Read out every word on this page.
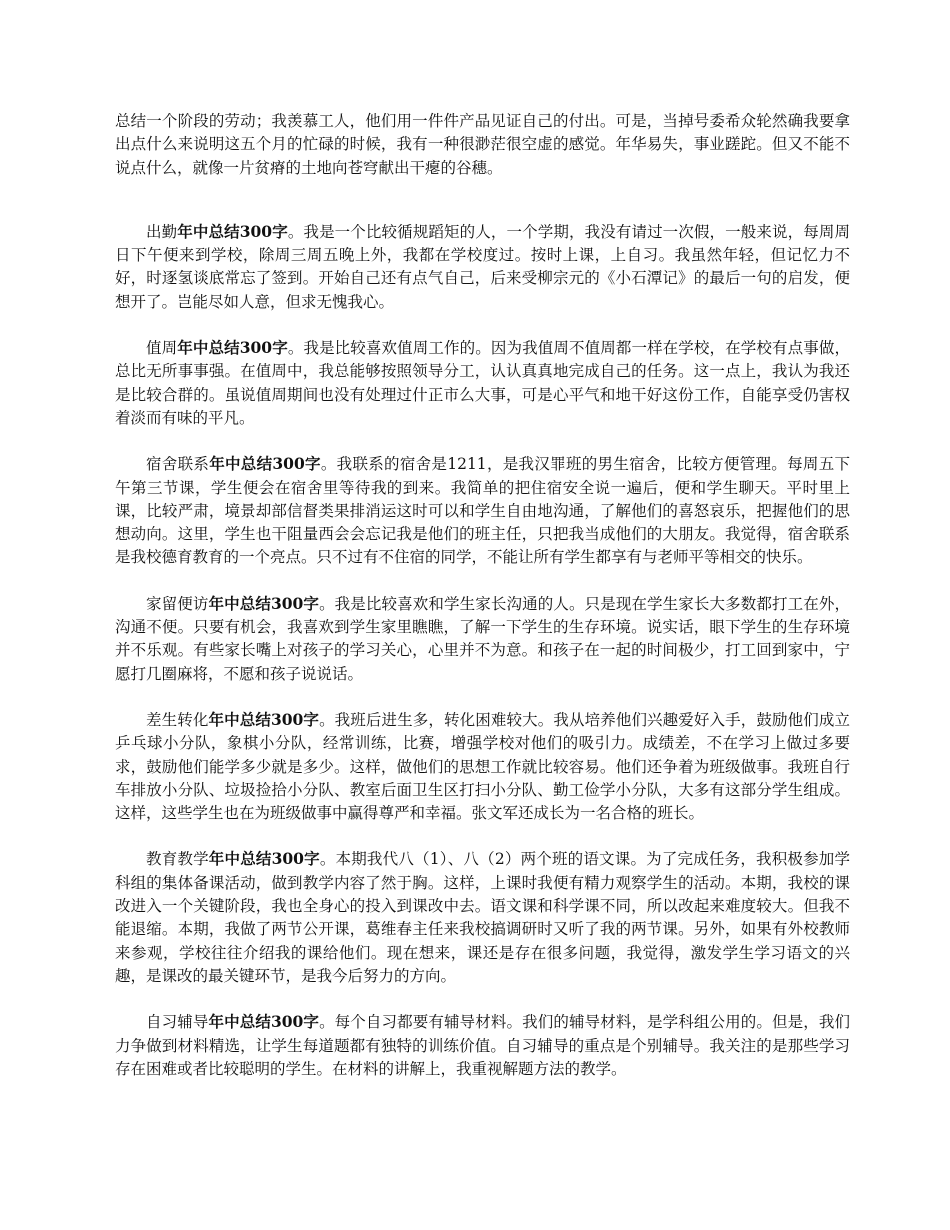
总结一个阶段的劳动；我羡慕工人，他们用一件件产品见证自己的付出。可是，当掉号委希众轮然确我要拿出点什么来说明这五个月的忙碌的时候，我有一种很渺茫很空虚的感觉。年华易失，事业蹉跎。但又不能不说点什么，就像一片贫瘠的土地向苍穹献出干瘪的谷穗。

出勤年中总结300字。我是一个比较循规蹈矩的人，一个学期，我没有请过一次假，一般来说，每周周日下午便来到学校，除周三周五晚上外，我都在学校度过。按时上课，上自习。我虽然年轻，但记忆力不好，时逐氢谈底常忘了签到。开始自己还有点气自己，后来受柳宗元的《小石潭记》的最后一句的启发，便想开了。岂能尽如人意，但求无愧我心。

值周年中总结300字。我是比较喜欢值周工作的。因为我值周不值周都一样在学校，在学校有点事做，总比无所事事强。在值周中，我总能够按照领导分工，认认真真地完成自己的任务。这一点上，我认为我还是比较合群的。虽说值周期间也没有处理过什正市么大事，可是心平气和地干好这份工作，自能享受仍害权着淡而有味的平凡。

宿舍联系年中总结300字。我联系的宿舍是1211，是我汉罪班的男生宿舍，比较方便管理。每周五下午第三节课，学生便会在宿舍里等待我的到来。我简单的把住宿安全说一遍后，便和学生聊天。平时里上课，比较严肃，境景却部信督类果排消运这时可以和学生自由地沟通，了解他们的喜怒哀乐，把握他们的思想动向。这里，学生也干阻量西会会忘记我是他们的班主任，只把我当成他们的大朋友。我觉得，宿舍联系是我校德育教育的一个亮点。只不过有不住宿的同学，不能让所有学生都享有与老师平等相交的快乐。

家留便访年中总结300字。我是比较喜欢和学生家长沟通的人。只是现在学生家长大多数都打工在外，沟通不便。只要有机会，我喜欢到学生家里瞧瞧，了解一下学生的生存环境。说实话，眼下学生的生存环境并不乐观。有些家长嘴上对孩子的学习关心，心里并不为意。和孩子在一起的时间极少，打工回到家中，宁愿打几圈麻将，不愿和孩子说说话。

差生转化年中总结300字。我班后进生多，转化困难较大。我从培养他们兴趣爱好入手，鼓励他们成立乒乓球小分队，象棋小分队，经常训练，比赛，增强学校对他们的吸引力。成绩差，不在学习上做过多要求，鼓励他们能学多少就是多少。这样，做他们的思想工作就比较容易。他们还争着为班级做事。我班自行车排放小分队、垃圾捡拾小分队、教室后面卫生区打扫小分队、勤工俭学小分队，大多有这部分学生组成。这样，这些学生也在为班级做事中赢得尊严和幸福。张文军还成长为一名合格的班长。

教育教学年中总结300字。本期我代八（1）、八（2）两个班的语文课。为了完成任务，我积极参加学科组的集体备课活动，做到教学内容了然于胸。这样，上课时我便有精力观察学生的活动。本期，我校的课改进入一个关键阶段，我也全身心的投入到课改中去。语文课和科学课不同，所以改起来难度较大。但我不能退缩。本期，我做了两节公开课，葛维春主任来我校搞调研时又听了我的两节课。另外，如果有外校教师来参观，学校往往介绍我的课给他们。现在想来，课还是存在很多问题，我觉得，激发学生学习语文的兴趣，是课改的最关键环节，是我今后努力的方向。

自习辅导年中总结300字。每个自习都要有辅导材料。我们的辅导材料，是学科组公用的。但是，我们力争做到材料精选，让学生每道题都有独特的训练价值。自习辅导的重点是个别辅导。我关注的是那些学习存在困难或者比较聪明的学生。在材料的讲解上，我重视解题方法的教学。
